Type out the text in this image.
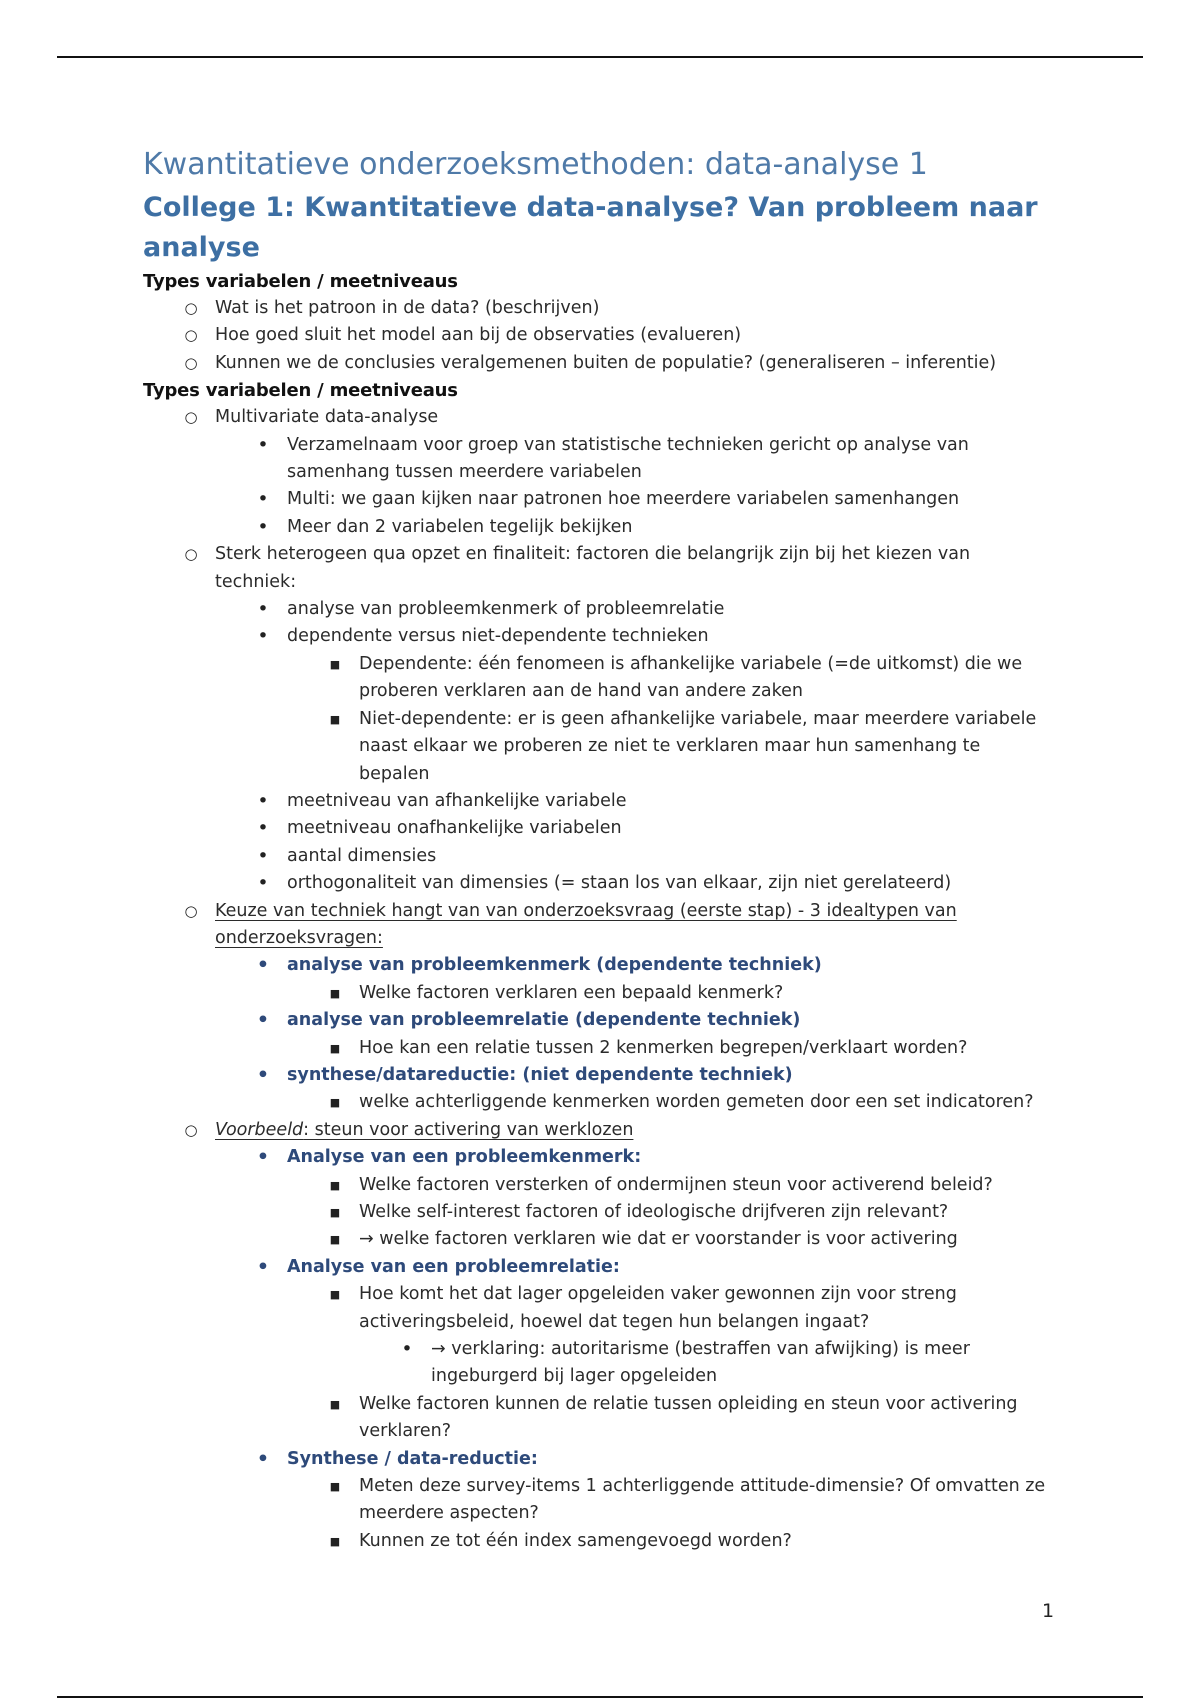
Kwantitatieve onderzoeksmethoden: data-analyse 1
College 1: Kwantitatieve data-analyse? Van probleem naar analyse
Types variabelen / meetniveaus
○ Wat is het patroon in de data? (beschrijven)
○ Hoe goed sluit het model aan bij de observaties (evalueren)
○ Kunnen we de conclusies veralgemenen buiten de populatie? (generaliseren – inferentie)
Types variabelen / meetniveaus
○ Multivariate data-analyse
• Verzamelnaam voor groep van statistische technieken gericht op analyse van
samenhang tussen meerdere variabelen
• Multi: we gaan kijken naar patronen hoe meerdere variabelen samenhangen
• Meer dan 2 variabelen tegelijk bekijken
○ Sterk heterogeen qua opzet en finaliteit: factoren die belangrijk zijn bij het kiezen van
techniek:
• analyse van probleemkenmerk of probleemrelatie
• dependente versus niet-dependente technieken
■ Dependente: één fenomeen is afhankelijke variabele (=de uitkomst) die we
proberen verklaren aan de hand van andere zaken
■ Niet-dependente: er is geen afhankelijke variabele, maar meerdere variabele
naast elkaar we proberen ze niet te verklaren maar hun samenhang te
bepalen
• meetniveau van afhankelijke variabele
• meetniveau onafhankelijke variabelen
• aantal dimensies
• orthogonaliteit van dimensies (= staan los van elkaar, zijn niet gerelateerd)
○ Keuze van techniek hangt van van onderzoeksvraag (eerste stap) - 3 idealtypen van
onderzoeksvragen:
• analyse van probleemkenmerk (dependente techniek)
■ Welke factoren verklaren een bepaald kenmerk?
• analyse van probleemrelatie (dependente techniek)
■ Hoe kan een relatie tussen 2 kenmerken begrepen/verklaart worden?
• synthese/datareductie: (niet dependente techniek)
■ welke achterliggende kenmerken worden gemeten door een set indicatoren?
○ Voorbeeld: steun voor activering van werklozen
• Analyse van een probleemkenmerk:
■ Welke factoren versterken of ondermijnen steun voor activerend beleid?
■ Welke self-interest factoren of ideologische drijfveren zijn relevant?
■ → welke factoren verklaren wie dat er voorstander is voor activering
• Analyse van een probleemrelatie:
■ Hoe komt het dat lager opgeleiden vaker gewonnen zijn voor streng
activeringsbeleid, hoewel dat tegen hun belangen ingaat?
• → verklaring: autoritarisme (bestraffen van afwijking) is meer
ingeburgerd bij lager opgeleiden
■ Welke factoren kunnen de relatie tussen opleiding en steun voor activering
verklaren?
• Synthese / data-reductie:
■ Meten deze survey-items 1 achterliggende attitude-dimensie? Of omvatten ze
meerdere aspecten?
■ Kunnen ze tot één index samengevoegd worden?
1
